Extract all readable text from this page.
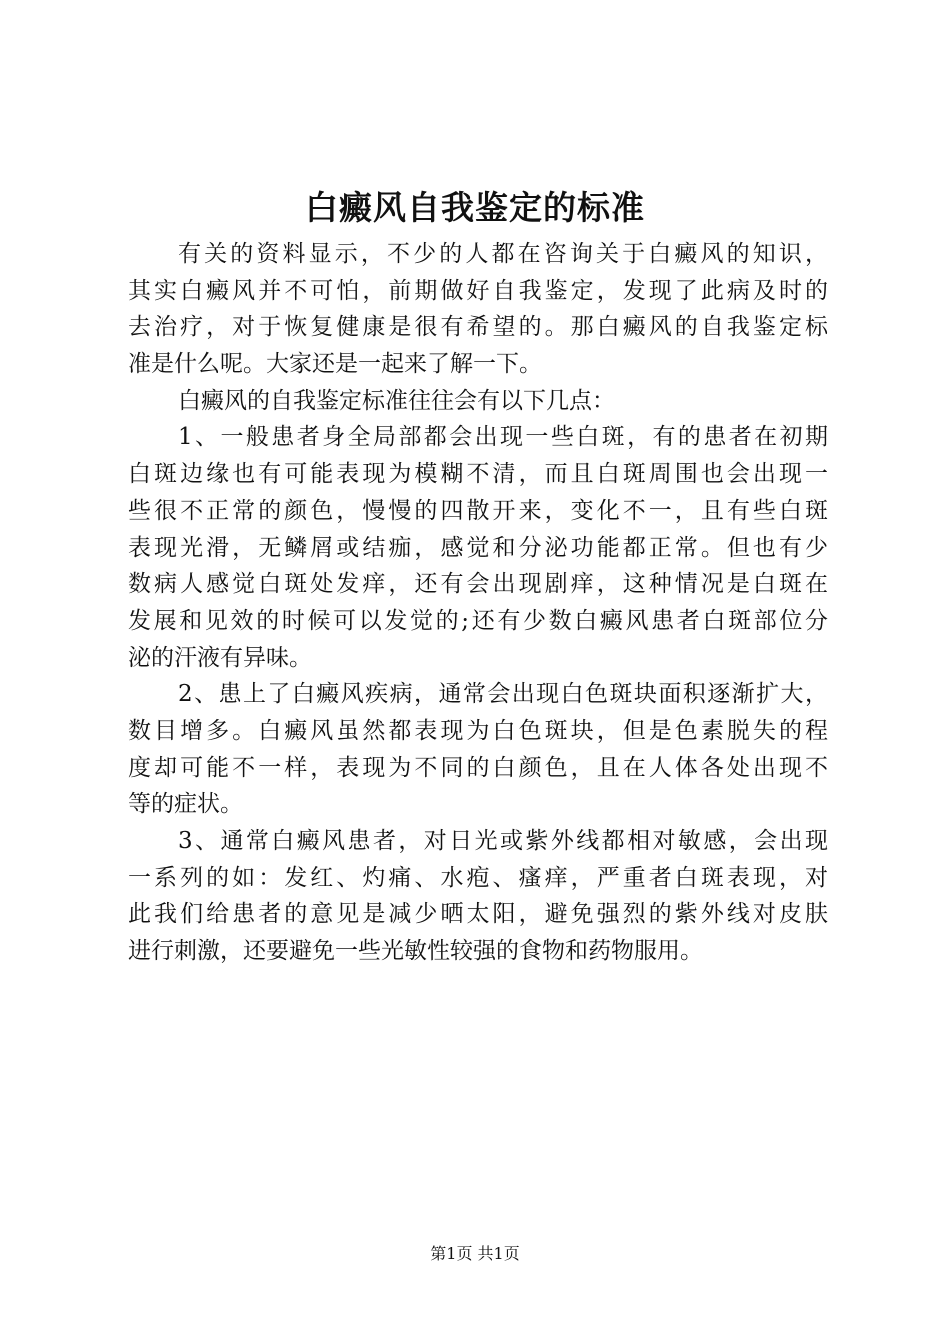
白癜风自我鉴定的标准
有关的资料显示，不少的人都在咨询关于白癜风的知识，
其实白癜风并不可怕，前期做好自我鉴定，发现了此病及时的
去治疗，对于恢复健康是很有希望的。那白癜风的自我鉴定标
准是什么呢。大家还是一起来了解一下。
白癜风的自我鉴定标准往往会有以下几点：
1、一般患者身全局部都会出现一些白斑，有的患者在初期
白斑边缘也有可能表现为模糊不清，而且白斑周围也会出现一
些很不正常的颜色，慢慢的四散开来，变化不一，且有些白斑
表现光滑，无鳞屑或结痂，感觉和分泌功能都正常。但也有少
数病人感觉白斑处发痒，还有会出现剧痒，这种情况是白斑在
发展和见效的时候可以发觉的;还有少数白癜风患者白斑部位分
泌的汗液有异味。
2、患上了白癜风疾病，通常会出现白色斑块面积逐渐扩大，
数目增多。白癜风虽然都表现为白色斑块，但是色素脱失的程
度却可能不一样，表现为不同的白颜色，且在人体各处出现不
等的症状。
3、通常白癜风患者，对日光或紫外线都相对敏感，会出现
一系列的如：发红、灼痛、水疱、瘙痒，严重者白斑表现，对
此我们给患者的意见是减少晒太阳，避免强烈的紫外线对皮肤
进行刺激，还要避免一些光敏性较强的食物和药物服用。
第1页 共1页
